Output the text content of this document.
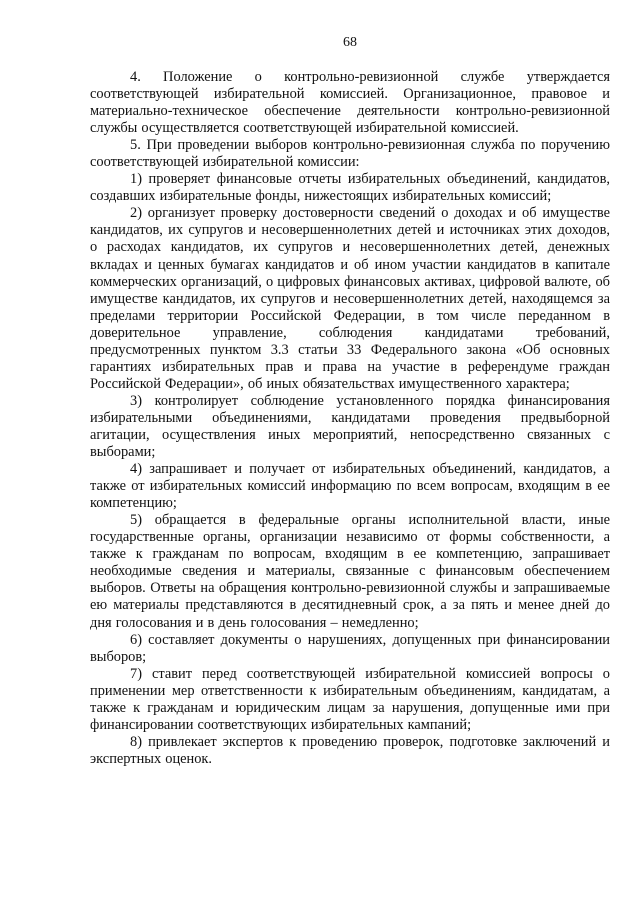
68

4. Положение о контрольно-ревизионной службе утверждается соответствующей избирательной комиссией. Организационное, правовое и материально-техническое обеспечение деятельности контрольно-ревизионной службы осуществляется соответствующей избирательной комиссией.

5. При проведении выборов контрольно-ревизионная служба по поручению соответствующей избирательной комиссии:

1) проверяет финансовые отчеты избирательных объединений, кандидатов, создавших избирательные фонды, нижестоящих избирательных комиссий;

2) организует проверку достоверности сведений о доходах и об имуществе кандидатов, их супругов и несовершеннолетних детей и источниках этих доходов, о расходах кандидатов, их супругов и несовершеннолетних детей, денежных вкладах и ценных бумагах кандидатов и об ином участии кандидатов в капитале коммерческих организаций, о цифровых финансовых активах, цифровой валюте, об имуществе кандидатов, их супругов и несовершеннолетних детей, находящемся за пределами территории Российской Федерации, в том числе переданном в доверительное управление, соблюдения кандидатами требований, предусмотренных пунктом 3.3 статьи 33 Федерального закона «Об основных гарантиях избирательных прав и права на участие в референдуме граждан Российской Федерации», об иных обязательствах имущественного характера;

3) контролирует соблюдение установленного порядка финансирования избирательными объединениями, кандидатами проведения предвыборной агитации, осуществления иных мероприятий, непосредственно связанных с выборами;

4) запрашивает и получает от избирательных объединений, кандидатов, а также от избирательных комиссий информацию по всем вопросам, входящим в ее компетенцию;

5) обращается в федеральные органы исполнительной власти, иные государственные органы, организации независимо от формы собственности, а также к гражданам по вопросам, входящим в ее компетенцию, запрашивает необходимые сведения и материалы, связанные с финансовым обеспечением выборов. Ответы на обращения контрольно-ревизионной службы и запрашиваемые ею материалы представляются в десятидневный срок, а за пять и менее дней до дня голосования и в день голосования – немедленно;

6) составляет документы о нарушениях, допущенных при финансировании выборов;

7) ставит перед соответствующей избирательной комиссией вопросы о применении мер ответственности к избирательным объединениям, кандидатам, а также к гражданам и юридическим лицам за нарушения, допущенные ими при финансировании соответствующих избирательных кампаний;

8) привлекает экспертов к проведению проверок, подготовке заключений и экспертных оценок.
